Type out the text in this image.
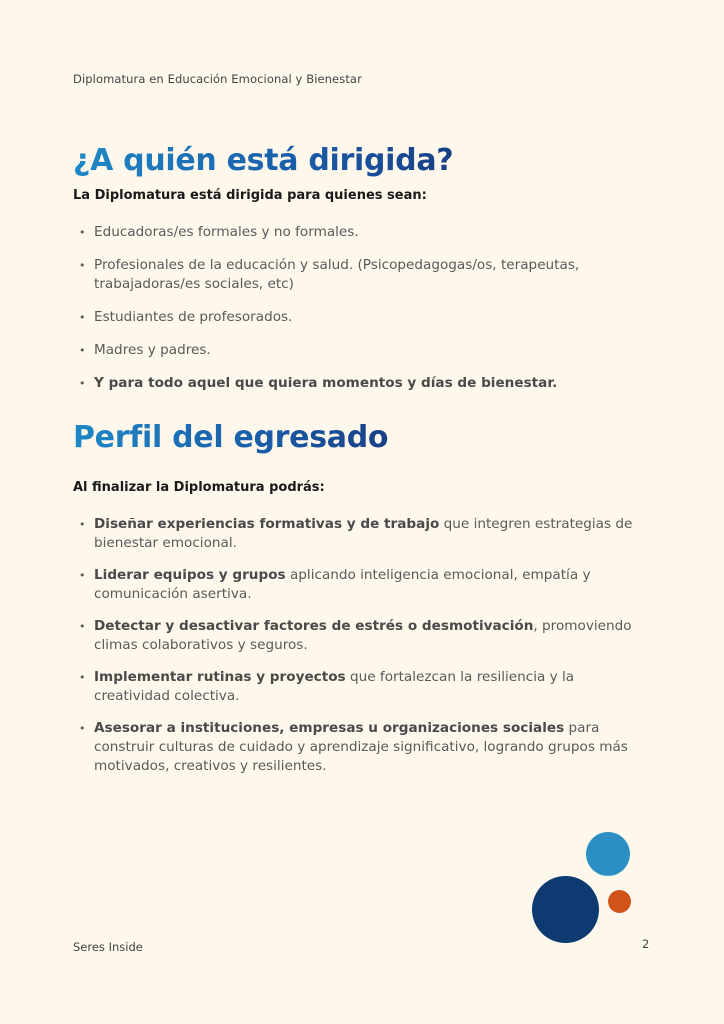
Diplomatura en Educación Emocional y Bienestar
¿A quién está dirigida?
La Diplomatura está dirigida para quienes sean:
• Educadoras/es formales y no formales.
• Profesionales de la educación y salud. (Psicopedagogas/os, terapeutas, trabajadoras/es sociales, etc)
• Estudiantes de profesorados.
• Madres y padres.
• Y para todo aquel que quiera momentos y días de bienestar.
Perfil del egresado
Al finalizar la Diplomatura podrás:
• Diseñar experiencias formativas y de trabajo que integren estrategias de bienestar emocional.
• Liderar equipos y grupos aplicando inteligencia emocional, empatía y comunicación asertiva.
• Detectar y desactivar factores de estrés o desmotivación, promoviendo climas colaborativos y seguros.
• Implementar rutinas y proyectos que fortalezcan la resiliencia y la creatividad colectiva.
• Asesorar a instituciones, empresas u organizaciones sociales para construir culturas de cuidado y aprendizaje significativo, logrando grupos más motivados, creativos y resilientes.
Seres Inside	2
